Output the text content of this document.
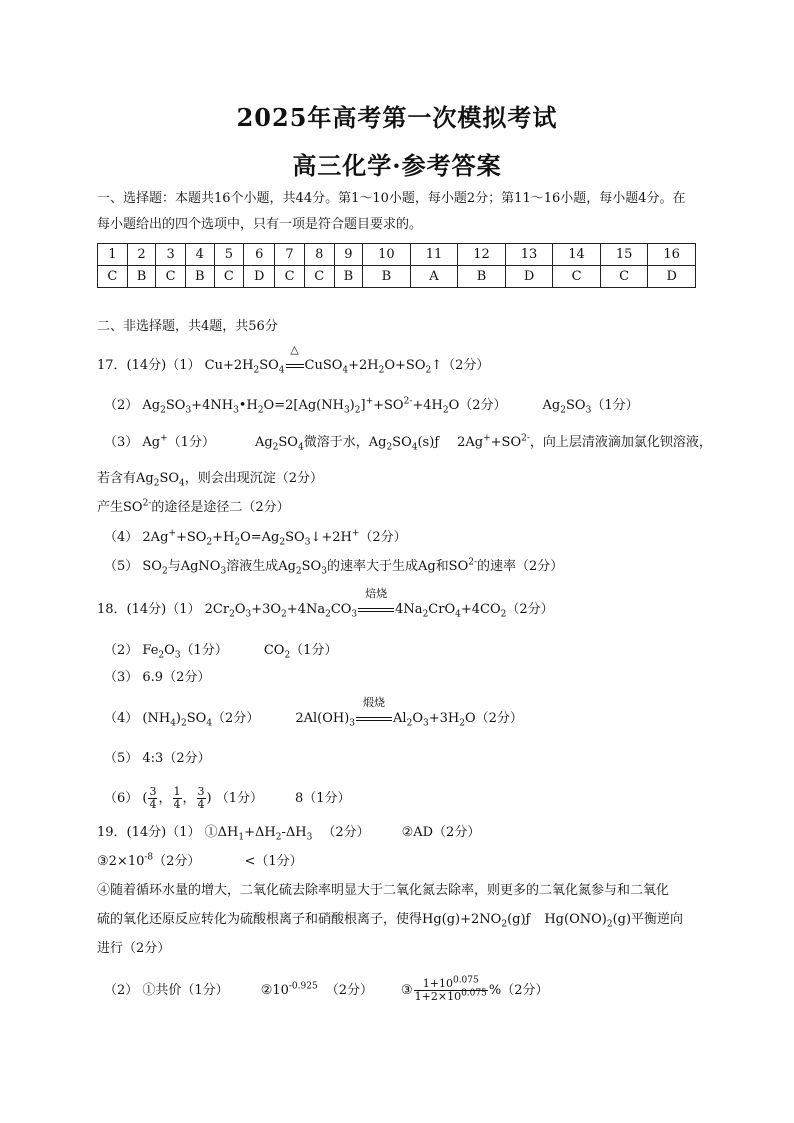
2025年高考第一次模拟考试
高三化学·参考答案
一、选择题：本题共16个小题，共44分。第1～10小题，每小题2分；第11～16小题，每小题4分。在
每小题给出的四个选项中，只有一项是符合题目要求的。
1	2	3	4	5	6	7	8	9	10	11	12	13	14	15	16
C	B	C	B	C	D	C	C	B	B	A	B	D	C	C	D
二、非选择题，共4题，共56分
17．(14分)（1） $Cu+2H_2SO_4$
△
$CuSO_4+2H_2O+SO_2↑(2$分）
（2） $Ag_2SO_3+4NH_3•H_2O=2[Ag(NH_3)_2]^++SO^{2-}+4H_2O(2$分）	$Ag_2SO_3(1$分）
（3） Ag+（1分）	$Ag_2SO_4$微溶于水，$Ag_2SO_4(s)ƒ$ $2Ag^++SO^{2-}$，向上层清液滴加氯化钡溶液，
若含有$Ag_2SO_4$，则会出现沉淀（2分）
产生$SO^{2-}$的途径是途径二（2分）
（4） $2Ag^++SO_2+H_2O=Ag_2SO_3↓+2H^+(2$分）
（5） $SO_2$与AgNO$_3$溶液生成$Ag_2SO_3$的速率大于生成Ag和$SO^{2-}$的速率（2分）
18．(14分)（1） $2Cr_2O_3+3O_2+4Na_2CO_3$
焙烧
$4Na_2CrO_4+4CO_2(2$分）
（2） $Fe_2O_3(1$分）	$CO_2(1$分）
（3） 6.9（2分）
（4） $(NH_4)_2SO_4(2$分）	$2Al(OH)_3$
煅烧
$Al_2O_3+3H_2O(2$分）
（5） 4:3（2分）
（6） ( $\frac{3}{4}$ ， $\frac{1}{4}$ ， $\frac{3}{4}$ ) （1分） 8（1分）
19．(14分)（1） $①\Delta H_1+\Delta H_2-\Delta H_3$ （2分） ②AD（2分）
$③2\times 10^{-8}(2$分）	<（1分）
④随着循环水量的增大，二氧化硫去除率明显大于二氧化氮去除率，则更多的二氧化氮参与和二氧化
硫的氧化还原反应转化为硫酸根离子和硝酸根离子，使得$Hg(g)+2NO_2(g)ƒ$ $Hg(ONO)_2(g)$平衡逆向
进行（2分）
（2） ①共价（1分） $②10^{-0.925}$ （2分） ③ $\frac{1+10^{0.075}}{1+2\times 10^{0.075}} \%(2$分）
